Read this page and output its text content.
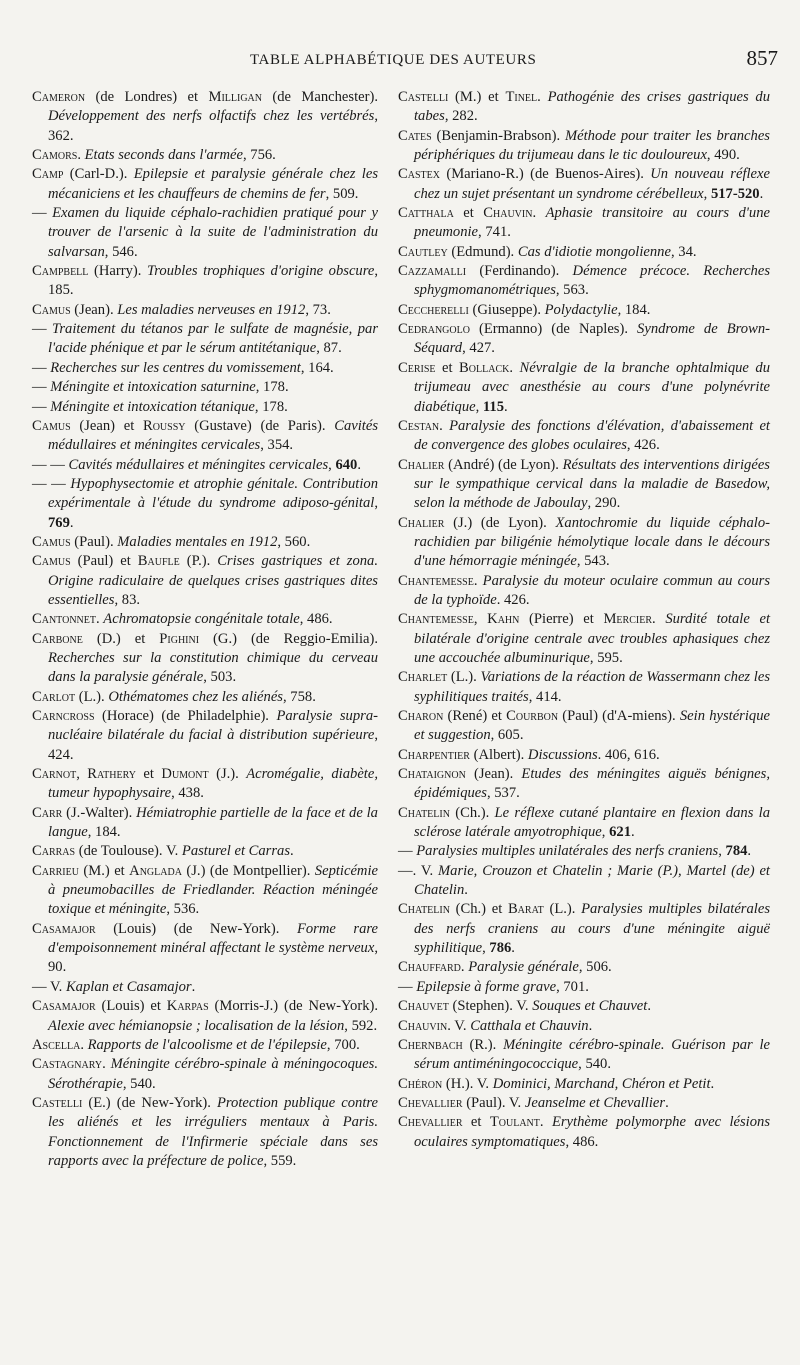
TABLE ALPHABÉTIQUE DES AUTEURS	857

Cameron (de Londres) et Milligan (de Manchester). Développement des nerfs olfactifs chez les vertébrés, 362.

Camors. Etats seconds dans l'armée, 756.

Camp (Carl-D.). Epilepsie et paralysie générale chez les mécaniciens et les chauffeurs de chemins de fer, 509.

— Examen du liquide céphalo-rachidien pratiqué pour y trouver de l'arsenic à la suite de l'administration du salvarsan, 546.

Campbell (Harry). Troubles trophiques d'origine obscure, 185.

Camus (Jean). Les maladies nerveuses en 1912, 73.

— Traitement du tétanos par le sulfate de magnésie, par l'acide phénique et par le sérum antitétanique, 87.

— Recherches sur les centres du vomissement, 164.

— Méningite et intoxication saturnine, 178.

— Méningite et intoxication tétanique, 178.

Camus (Jean) et Roussy (Gustave) (de Paris). Cavités médullaires et méningites cervicales, 354.

— — Cavités médullaires et méningites cervicales, 640.

— — Hypophysectomie et atrophie génitale. Contribution expérimentale à l'étude du syndrome adiposo-génital, 769.

Camus (Paul). Maladies mentales en 1912, 560.

Camus (Paul) et Baufle (P.). Crises gastriques et zona. Origine radiculaire de quelques crises gastriques dites essentielles, 83.

Cantonnet. Achromatopsie congénitale totale, 486.

Carbone (D.) et Pighini (G.) (de Reggio-Emilia). Recherches sur la constitution chimique du cerveau dans la paralysie générale, 503.

Carlot (L.). Othématomes chez les aliénés, 758.

Carncross (Horace) (de Philadelphie). Paralysie supra-nucléaire bilatérale du facial à distribution supérieure, 424.

Carnot, Rathery et Dumont (J.). Acromégalie, diabète, tumeur hypophysaire, 438.

Carr (J.-Walter). Hémiatrophie partielle de la face et de la langue, 184.

Carras (de Toulouse). V. Pasturel et Carras.

Carrieu (M.) et Anglada (J.) (de Montpellier). Septicémie à pneumobacilles de Friedlander. Réaction méningée toxique et méningite, 536.

Casamajor (Louis) (de New-York). Forme rare d'empoisonnement minéral affectant le système nerveux, 90.

— V. Kaplan et Casamajor.

Casamajor (Louis) et Karpas (Morris-J.) (de New-York). Alexie avec hémianopsie ; localisation de la lésion, 592.

Ascella. Rapports de l'alcoolisme et de l'épilepsie, 700.

Castagnary. Méningite cérébro-spinale à méningocoques. Sérothérapie, 540.

Castelli (E.) (de New-York). Protection publique contre les aliénés et les irréguliers mentaux à Paris. Fonctionnement de l'Infirmerie spéciale dans ses rapports avec la préfecture de police, 559.

Castelli (M.) et Tinel. Pathogénie des crises gastriques du tabes, 282.

Cates (Benjamin-Brabson). Méthode pour traiter les branches périphériques du trijumeau dans le tic douloureux, 490.

Castex (Mariano-R.) (de Buenos-Aires). Un nouveau réflexe chez un sujet présentant un syndrome cérébelleux, 517-520.

Catthala et Chauvin. Aphasie transitoire au cours d'une pneumonie, 741.

Cautley (Edmund). Cas d'idiotie mongolienne, 34.

Cazzamalli (Ferdinando). Démence précoce. Recherches sphygmomanométriques, 563.

Ceccherelli (Giuseppe). Polydactylie, 184.

Cedrangolo (Ermanno) (de Naples). Syndrome de Brown-Séquard, 427.

Cerise et Bollack. Névralgie de la branche ophtalmique du trijumeau avec anesthésie au cours d'une polynévrite diabétique, 115.

Cestan. Paralysie des fonctions d'élévation, d'abaissement et de convergence des globes oculaires, 426.

Chalier (André) (de Lyon). Résultats des interventions dirigées sur le sympathique cervical dans la maladie de Basedow, selon la méthode de Jaboulay, 290.

Chalier (J.) (de Lyon). Xantochromie du liquide céphalo-rachidien par biligénie hémolytique locale dans le décours d'une hémorragie méningée, 543.

Chantemesse. Paralysie du moteur oculaire commun au cours de la typhoïde. 426.

Chantemesse, Kahn (Pierre) et Mercier. Surdité totale et bilatérale d'origine centrale avec troubles aphasiques chez une accouchée albuminurique, 595.

Charlet (L.). Variations de la réaction de Wassermann chez les syphilitiques traités, 414.

Charon (René) et Courbon (Paul) (d'A-miens). Sein hystérique et suggestion, 605.

Charpentier (Albert). Discussions. 406, 616.

Chataignon (Jean). Etudes des méningites aiguës bénignes, épidémiques, 537.

Chatelin (Ch.). Le réflexe cutané plantaire en flexion dans la sclérose latérale amyotrophique, 621.

— Paralysies multiples unilatérales des nerfs craniens, 784.

—. V. Marie, Crouzon et Chatelin ; Marie (P.), Martel (de) et Chatelin.

Chatelin (Ch.) et Barat (L.). Paralysies multiples bilatérales des nerfs craniens au cours d'une méningite aiguë syphilitique, 786.

Chauffard. Paralysie générale, 506.

— Epilepsie à forme grave, 701.

Chauvet (Stephen). V. Souques et Chauvet.

Chauvin. V. Catthala et Chauvin.

Chernbach (R.). Méningite cérébro-spinale. Guérison par le sérum antiméningococcique, 540.

Chéron (H.). V. Dominici, Marchand, Chéron et Petit.

Chevallier (Paul). V. Jeanselme et Chevallier.

Chevallier et Toulant. Erythème polymorphe avec lésions oculaires symptomatiques, 486.
